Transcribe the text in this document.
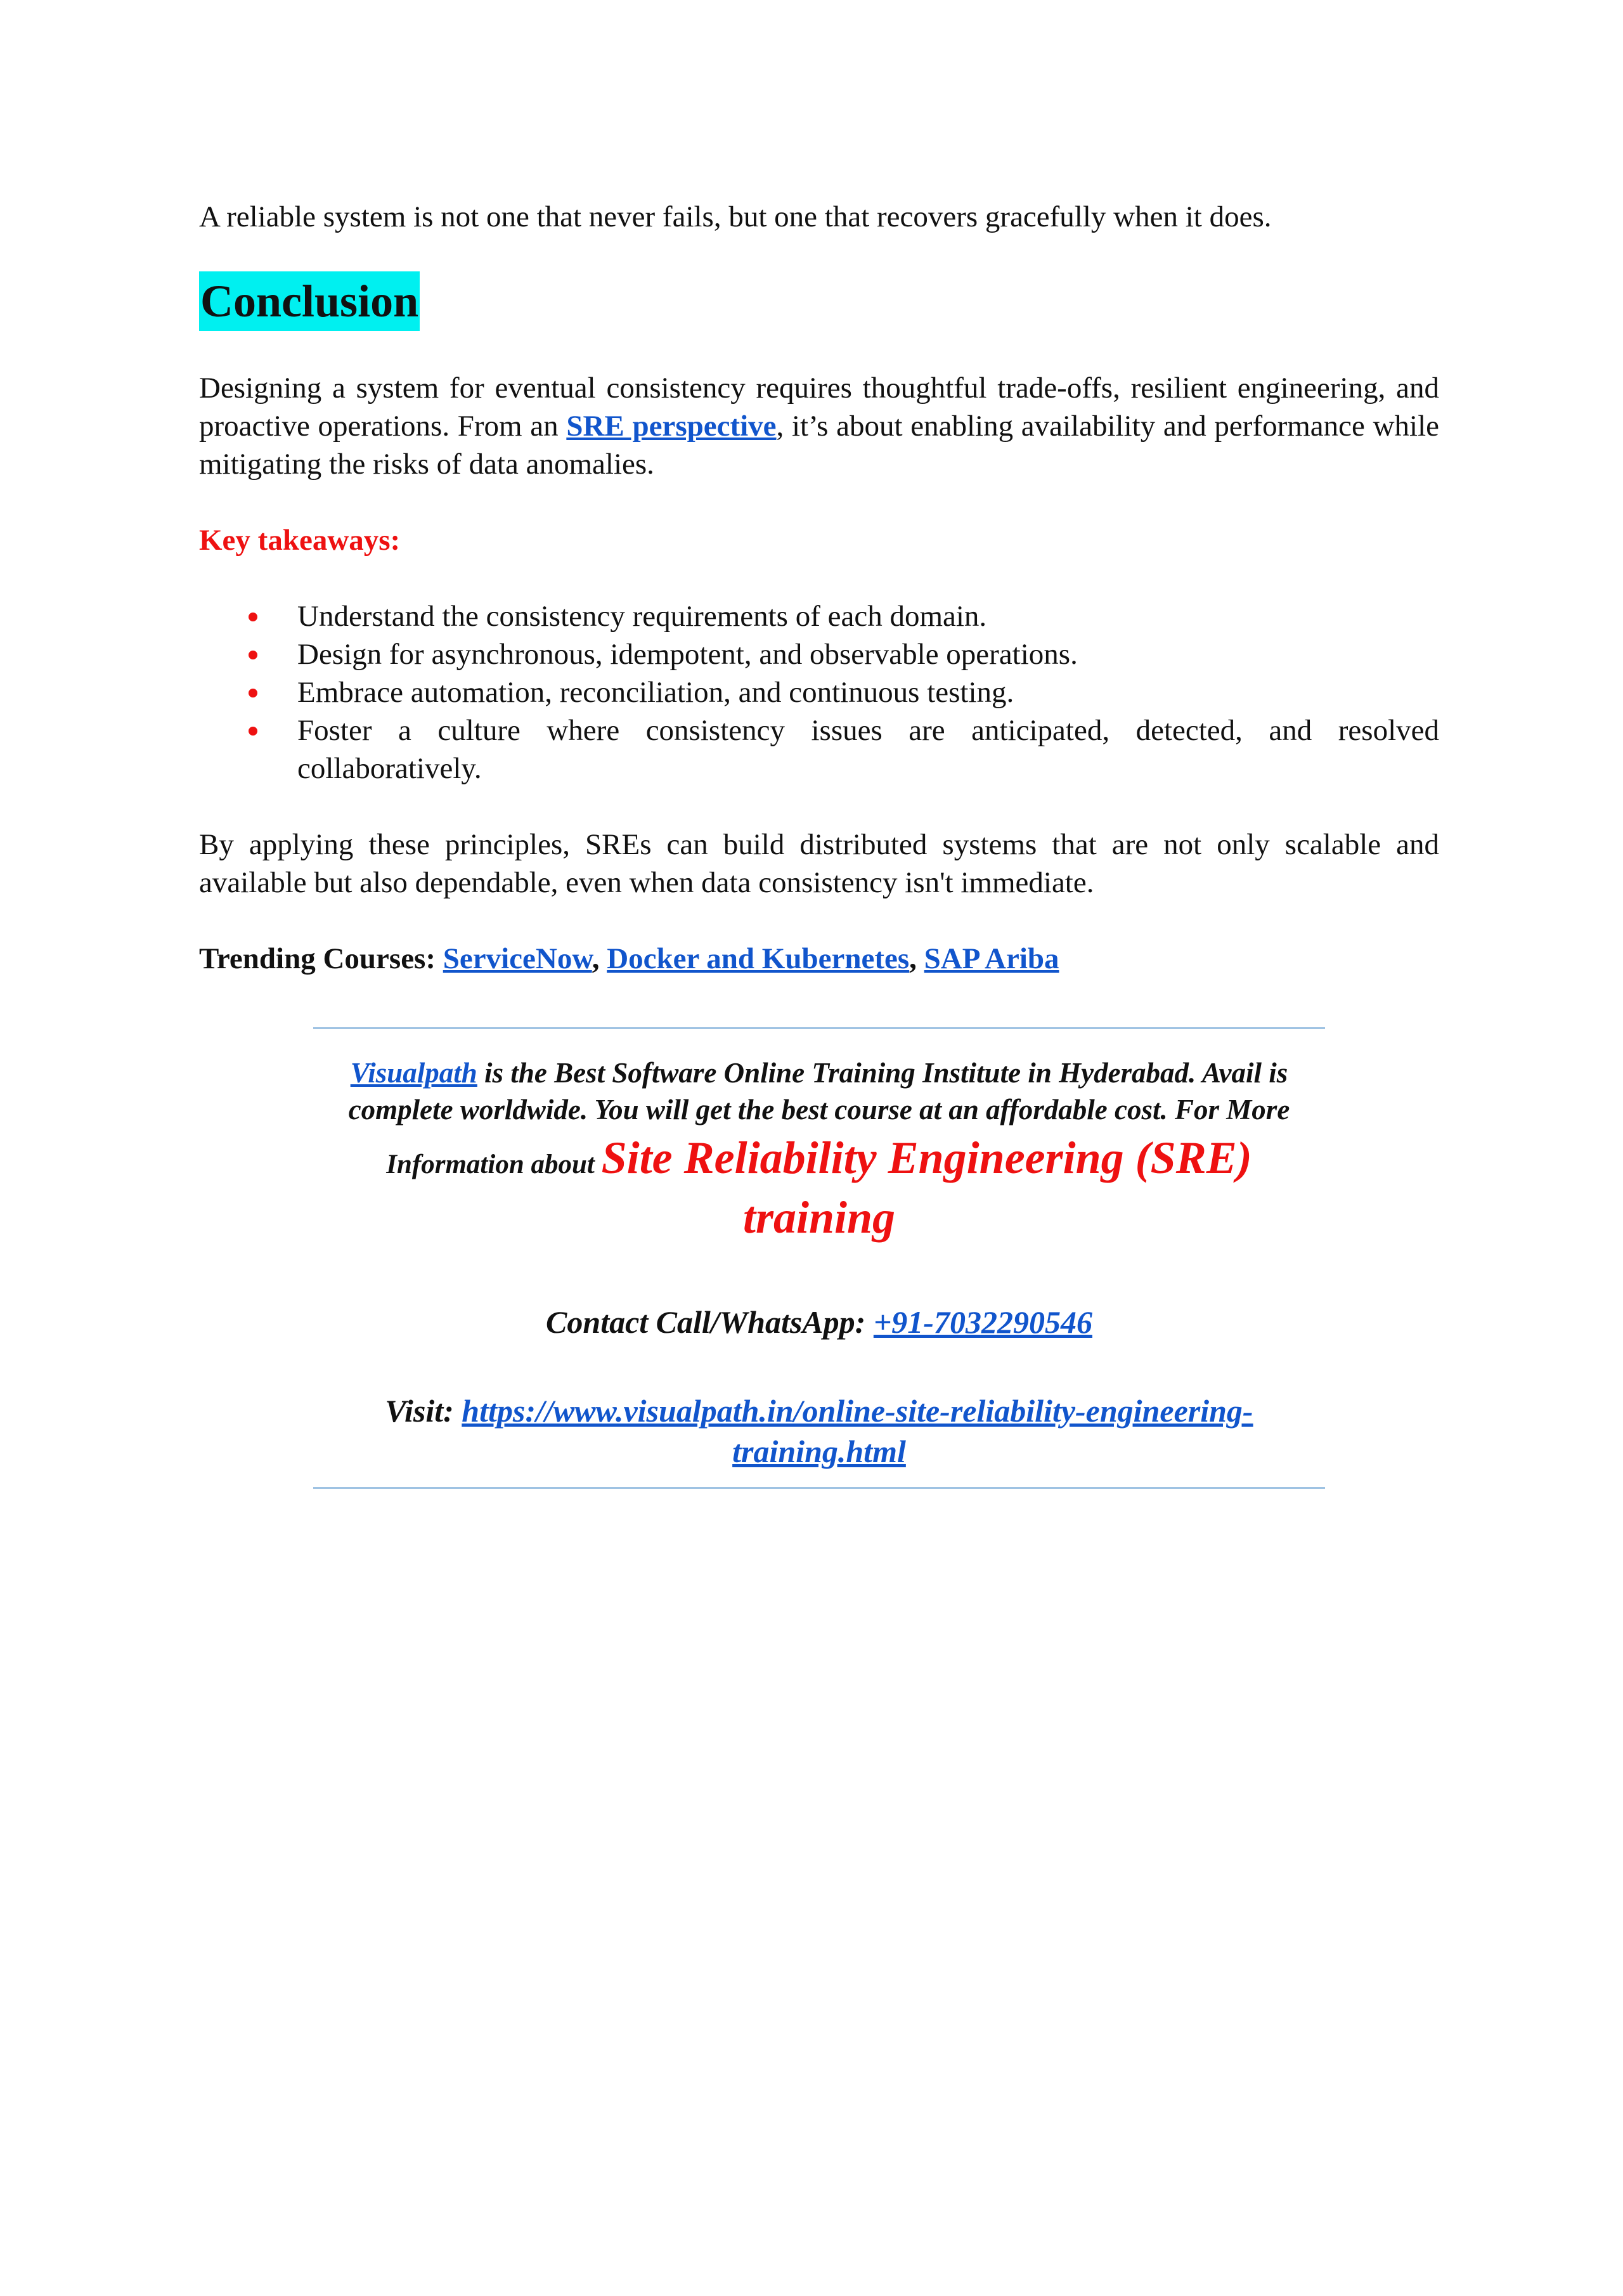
A reliable system is not one that never fails, but one that recovers gracefully when it does.

Conclusion

Designing a system for eventual consistency requires thoughtful trade-offs, resilient engineering, and proactive operations. From an SRE perspective, it’s about enabling availability and performance while mitigating the risks of data anomalies.

Key takeaways:

Understand the consistency requirements of each domain.
Design for asynchronous, idempotent, and observable operations.
Embrace automation, reconciliation, and continuous testing.
Foster a culture where consistency issues are anticipated, detected, and resolved collaboratively.

By applying these principles, SREs can build distributed systems that are not only scalable and available but also dependable, even when data consistency isn't immediate.

Trending Courses: ServiceNow, Docker and Kubernetes, SAP Ariba

Visualpath is the Best Software Online Training Institute in Hyderabad. Avail is complete worldwide. You will get the best course at an affordable cost. For More
Information about Site Reliability Engineering (SRE)
training

Contact Call/WhatsApp: +91-7032290546

Visit: https://www.visualpath.in/online-site-reliability-engineering-
training.html
